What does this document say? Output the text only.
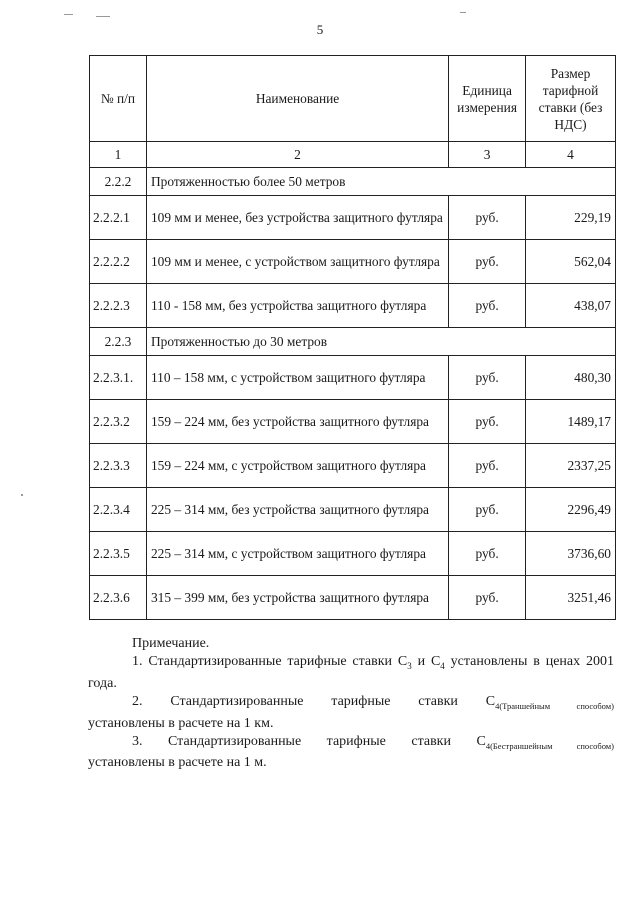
5
№ п/п	Наименование	Единица измерения	Размер тарифной ставки (без НДС)
1	2	3	4
2.2.2	Протяженностью более 50 метров		
2.2.2.1	109 мм и менее, без устройства защитного футляра	руб.	229,19
2.2.2.2	109 мм и менее, с устройством защитного футляра	руб.	562,04
2.2.2.3	110 - 158 мм, без устройства защитного футляра	руб.	438,07
2.2.3	Протяженностью до 30 метров		
2.2.3.1.	110 – 158 мм, с устройством защитного футляра	руб.	480,30
2.2.3.2	159 – 224 мм, без устройства защитного футляра	руб.	1489,17
2.2.3.3	159 – 224 мм, с устройством защитного футляра	руб.	2337,25
2.2.3.4	225 – 314 мм, без устройства защитного футляра	руб.	2296,49
2.2.3.5	225 – 314 мм, с устройством защитного футляра	руб.	3736,60
2.2.3.6	315 – 399 мм, без устройства защитного футляра	руб.	3251,46

Примечание.

1. Стандартизированные тарифные ставки $С_3$ и $С_4$ установлены в ценах 2001 года.

2. Стандартизированные тарифные ставки $С_{4(Траншейным способом)}$

установлены в расчете на 1 км.

3. Стандартизированные тарифные ставки $С_{4(Бестраншейным способом)}$

установлены в расчете на 1 м.
